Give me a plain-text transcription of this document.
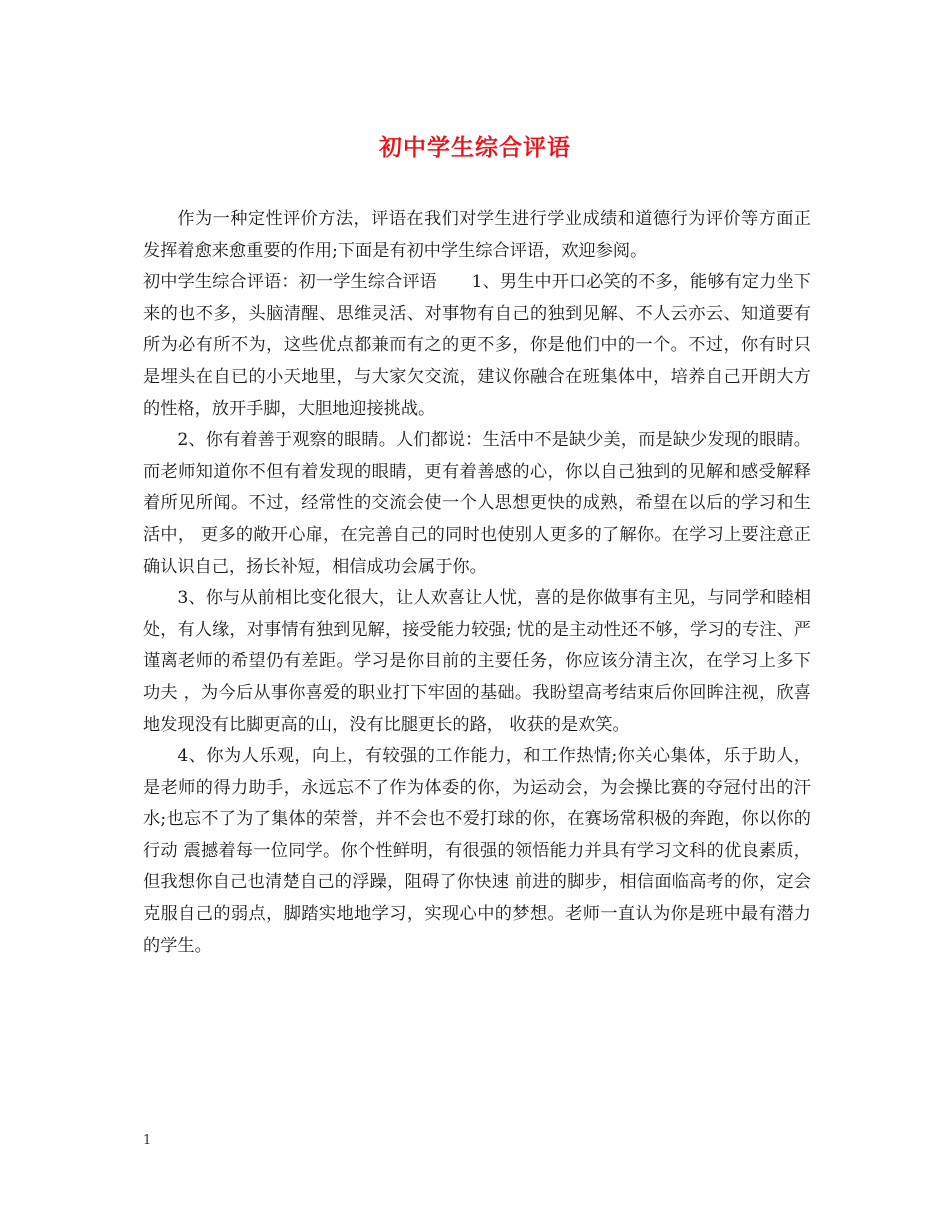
初中学生综合评语

作为一种定性评价方法，评语在我们对学生进行学业成绩和道德行为评价等方面正发挥着愈来愈重要的作用;下面是有初中学生综合评语，欢迎参阅。

初中学生综合评语：初一学生综合评语　　1、男生中开口必笑的不多，能够有定力坐下来的也不多，头脑清醒、思维灵活、对事物有自己的独到见解、不人云亦云、知道要有所为必有所不为，这些优点都兼而有之的更不多，你是他们中的一个。不过，你有时只是埋头在自已的小天地里，与大家欠交流，建议你融合在班集体中，培养自己开朗大方的性格，放开手脚，大胆地迎接挑战。

2、你有着善于观察的眼睛。人们都说：生活中不是缺少美，而是缺少发现的眼睛。而老师知道你不但有着发现的眼睛，更有着善感的心，你以自己独到的见解和感受解释着所见所闻。不过，经常性的交流会使一个人思想更快的成熟，希望在以后的学习和生活中， 更多的敞开心扉，在完善自己的同时也使别人更多的了解你。在学习上要注意正确认识自己，扬长补短，相信成功会属于你。

3、你与从前相比变化很大，让人欢喜让人忧，喜的是你做事有主见，与同学和睦相处，有人缘，对事情有独到见解，接受能力较强; 忧的是主动性还不够，学习的专注、严谨离老师的希望仍有差距。学习是你目前的主要任务，你应该分清主次，在学习上多下功夫 ，为今后从事你喜爱的职业打下牢固的基础。我盼望高考结束后你回眸注视，欣喜地发现没有比脚更高的山，没有比腿更长的路， 收获的是欢笑。

4、你为人乐观，向上，有较强的工作能力，和工作热情;你关心集体，乐于助人，是老师的得力助手，永远忘不了作为体委的你，为运动会，为会操比赛的夺冠付出的汗水;也忘不了为了集体的荣誉，并不会也不爱打球的你，在赛场常积极的奔跑，你以你的行动 震撼着每一位同学。你个性鲜明，有很强的领悟能力并具有学习文科的优良素质，但我想你自己也清楚自己的浮躁，阻碍了你快速 前进的脚步，相信面临高考的你，定会克服自己的弱点，脚踏实地地学习，实现心中的梦想。老师一直认为你是班中最有潜力的学生。

1
